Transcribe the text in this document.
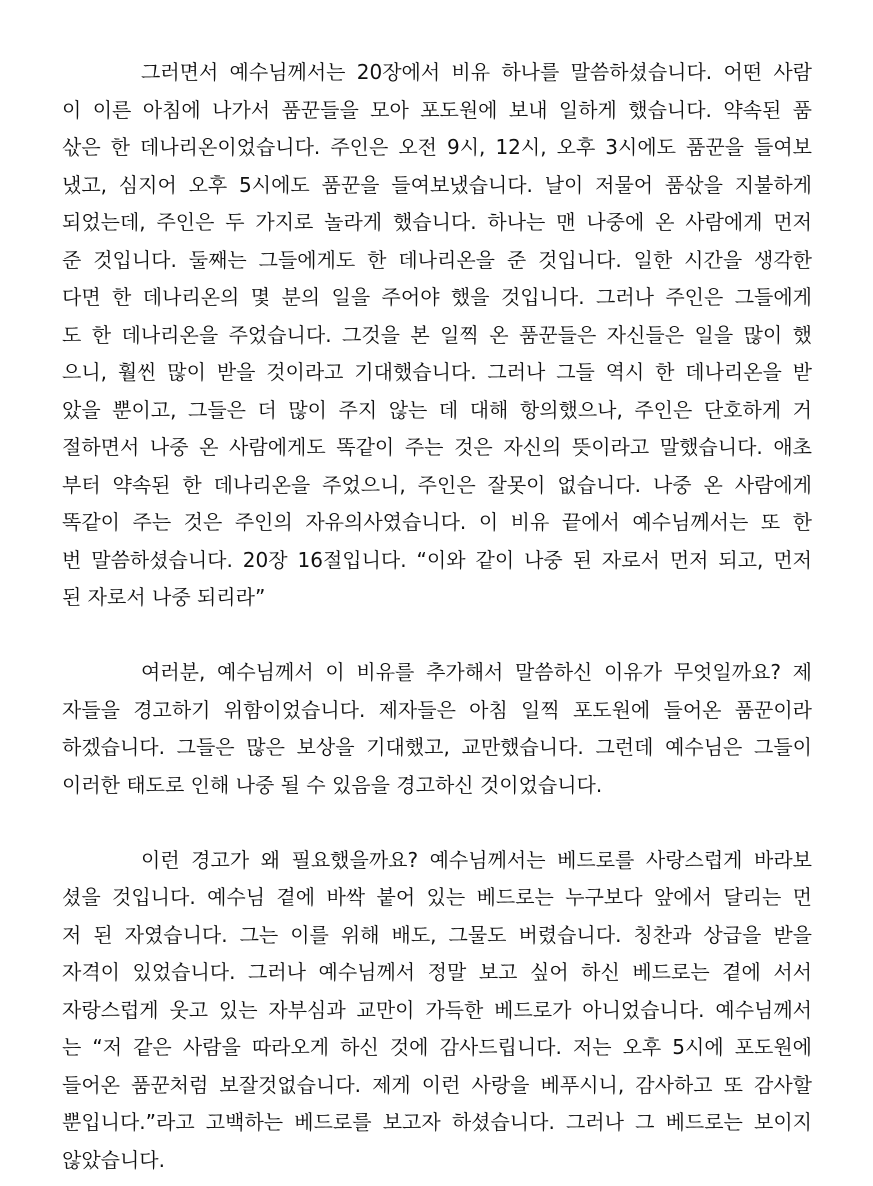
그러면서 예수님께서는 20장에서 비유 하나를 말씀하셨습니다. 어떤 사람
이 이른 아침에 나가서 품꾼들을 모아 포도원에 보내 일하게 했습니다. 약속된 품
삯은 한 데나리온이었습니다. 주인은 오전 9시, 12시, 오후 3시에도 품꾼을 들여보
냈고, 심지어 오후 5시에도 품꾼을 들여보냈습니다. 날이 저물어 품삯을 지불하게
되었는데, 주인은 두 가지로 놀라게 했습니다. 하나는 맨 나중에 온 사람에게 먼저
준 것입니다. 둘째는 그들에게도 한 데나리온을 준 것입니다. 일한 시간을 생각한
다면 한 데나리온의 몇 분의 일을 주어야 했을 것입니다. 그러나 주인은 그들에게
도 한 데나리온을 주었습니다. 그것을 본 일찍 온 품꾼들은 자신들은 일을 많이 했
으니, 훨씬 많이 받을 것이라고 기대했습니다. 그러나 그들 역시 한 데나리온을 받
았을 뿐이고, 그들은 더 많이 주지 않는 데 대해 항의했으나, 주인은 단호하게 거
절하면서 나중 온 사람에게도 똑같이 주는 것은 자신의 뜻이라고 말했습니다. 애초
부터 약속된 한 데나리온을 주었으니, 주인은 잘못이 없습니다. 나중 온 사람에게
똑같이 주는 것은 주인의 자유의사였습니다. 이 비유 끝에서 예수님께서는 또 한
번 말씀하셨습니다. 20장 16절입니다. “이와 같이 나중 된 자로서 먼저 되고, 먼저
된 자로서 나중 되리라”
여러분, 예수님께서 이 비유를 추가해서 말씀하신 이유가 무엇일까요? 제
자들을 경고하기 위함이었습니다. 제자들은 아침 일찍 포도원에 들어온 품꾼이라
하겠습니다. 그들은 많은 보상을 기대했고, 교만했습니다. 그런데 예수님은 그들이
이러한 태도로 인해 나중 될 수 있음을 경고하신 것이었습니다.
이런 경고가 왜 필요했을까요? 예수님께서는 베드로를 사랑스럽게 바라보
셨을 것입니다. 예수님 곁에 바싹 붙어 있는 베드로는 누구보다 앞에서 달리는 먼
저 된 자였습니다. 그는 이를 위해 배도, 그물도 버렸습니다. 칭찬과 상급을 받을
자격이 있었습니다. 그러나 예수님께서 정말 보고 싶어 하신 베드로는 곁에 서서
자랑스럽게 웃고 있는 자부심과 교만이 가득한 베드로가 아니었습니다. 예수님께서
는 “저 같은 사람을 따라오게 하신 것에 감사드립니다. 저는 오후 5시에 포도원에
들어온 품꾼처럼 보잘것없습니다. 제게 이런 사랑을 베푸시니, 감사하고 또 감사할
뿐입니다.”라고 고백하는 베드로를 보고자 하셨습니다. 그러나 그 베드로는 보이지
않았습니다.
